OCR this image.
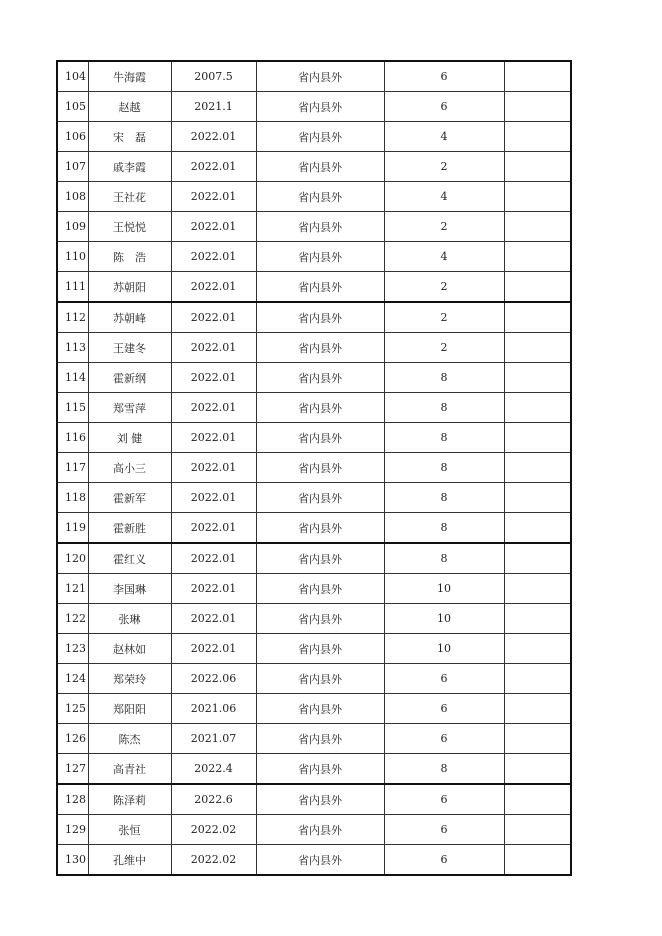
104	牛海霞	2007.5	省内县外	6	
105	赵越	2021.1	省内县外	6	
106	宋　磊	2022.01	省内县外	4	
107	戚李霞	2022.01	省内县外	2	
108	王社花	2022.01	省内县外	4	
109	王悦悦	2022.01	省内县外	2	
110	陈　浩	2022.01	省内县外	4	
111	苏朝阳	2022.01	省内县外	2	
112	苏朝峰	2022.01	省内县外	2	
113	王建冬	2022.01	省内县外	2	
114	霍新纲	2022.01	省内县外	8	
115	郑雪萍	2022.01	省内县外	8	
116	刘 健	2022.01	省内县外	8	
117	高小三	2022.01	省内县外	8	
118	霍新军	2022.01	省内县外	8	
119	霍新胜	2022.01	省内县外	8	
120	霍红义	2022.01	省内县外	8	
121	李国琳	2022.01	省内县外	10	
122	张琳	2022.01	省内县外	10	
123	赵林如	2022.01	省内县外	10	
124	郑荣玲	2022.06	省内县外	6	
125	郑阳阳	2021.06	省内县外	6	
126	陈杰	2021.07	省内县外	6	
127	高青社	2022.4	省内县外	8	
128	陈泽莉	2022.6	省内县外	6	
129	张恒	2022.02	省内县外	6	
130	孔维中	2022.02	省内县外	6	
